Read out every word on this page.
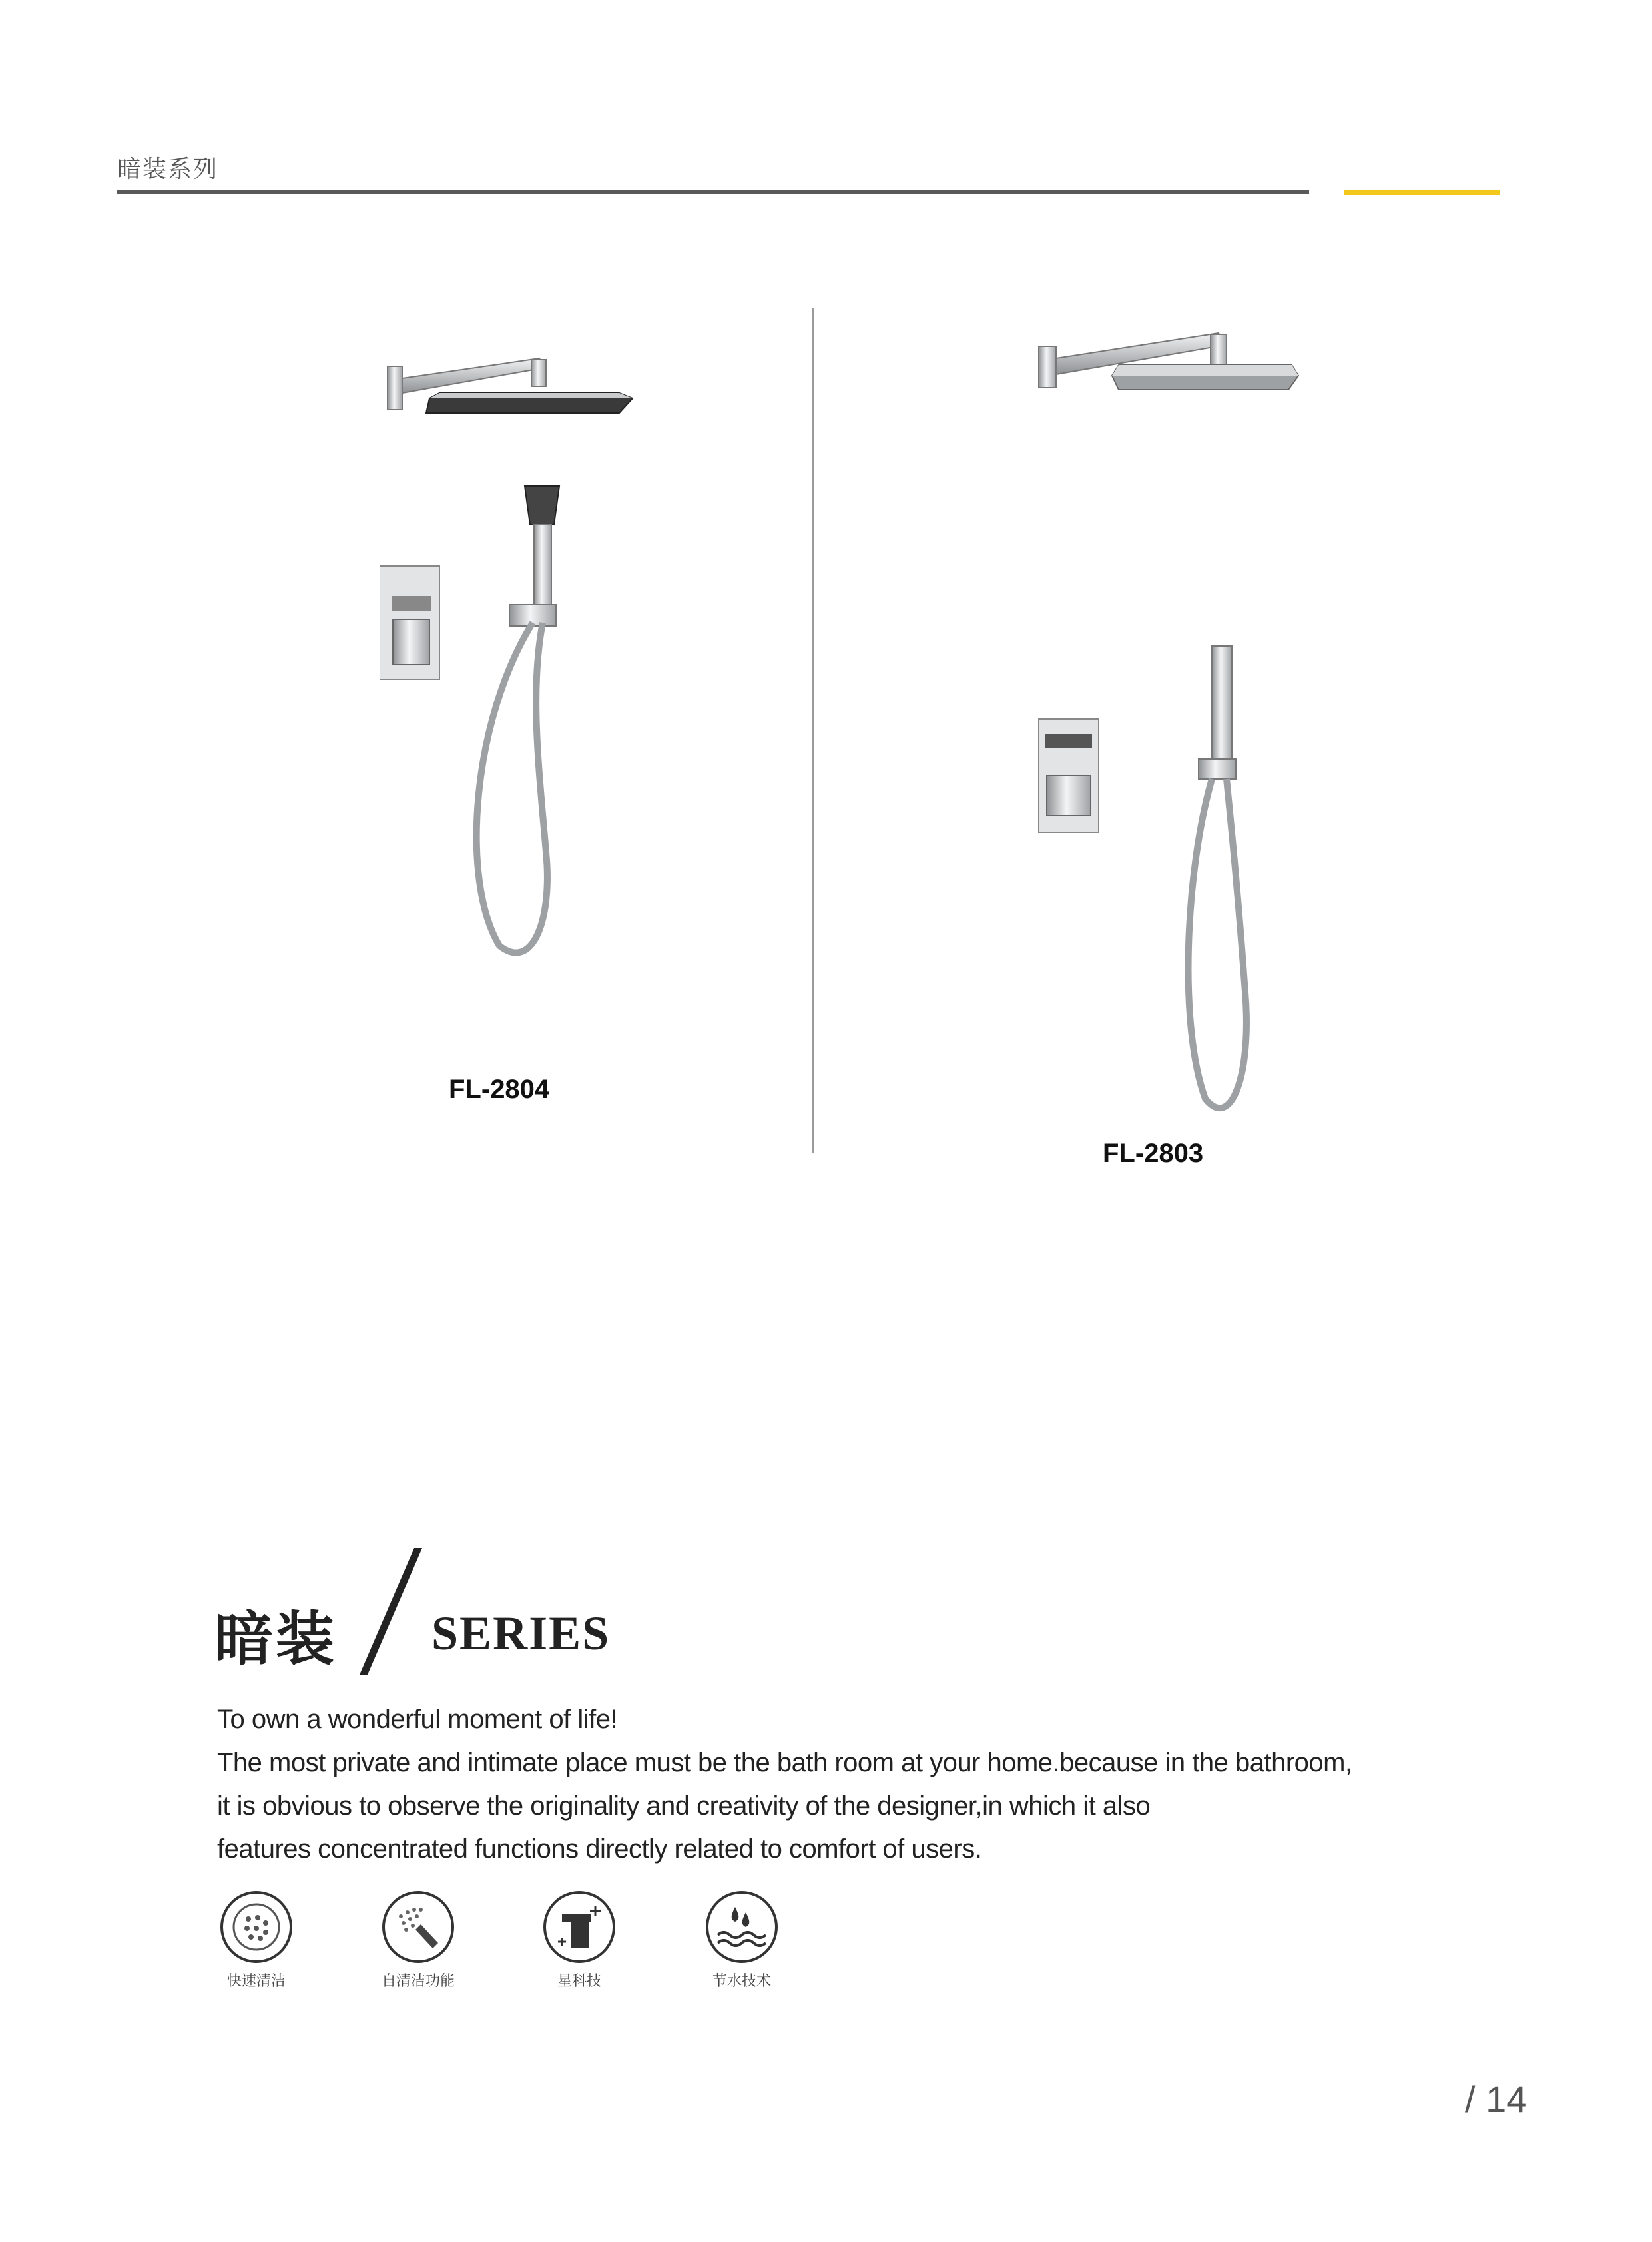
暗装系列
FL-2804
FL-2803
暗装 SERIES
To own a wonderful moment of life!
The most private and intimate place must be the bath room at your home.because in the bathroom,
it is obvious to observe the originality and creativity of the designer,in which it also
features concentrated functions directly related to comfort of users.
快速清洁	自清洁功能	星科技	节水技术
/ 14
